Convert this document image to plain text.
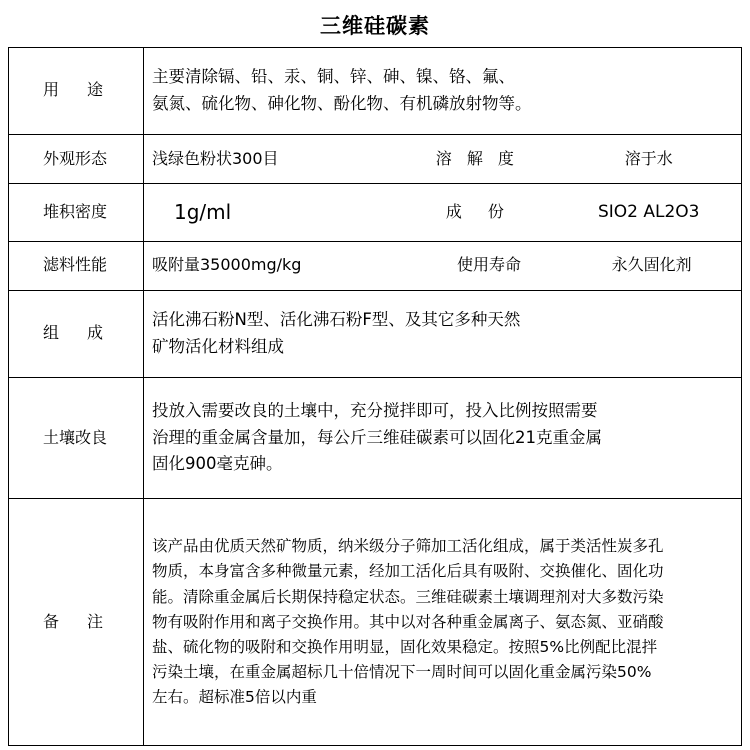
三维硅碳素
用　途	主要清除镉、铅、汞、铜、锌、砷、镍、铬、氟、
氨氮、硫化物、砷化物、酚化物、有机磷放射物等。

外观形态	浅绿色粉状300目 溶 解 度 溶于水

堆积密度	1g/ml 成　份 SIO2 AL2O3

滤料性能	吸附量35000mg/kg 使用寿命 永久固化剂

组　成	活化沸石粉N型、活化沸石粉F型、及其它多种天然
矿物活化材料组成

土壤改良	投放入需要改良的土壤中，充分搅拌即可，投入比例按照需要
治理的重金属含量加，每公斤三维硅碳素可以固化21克重金属
固化900毫克砷。

备　注	
该产品由优质天然矿物质，纳米级分子筛加工活化组成，属于类活性炭多孔
物质，本身富含多种微量元素，经加工活化后具有吸附、交换催化、固化功
能。清除重金属后长期保持稳定状态。三维硅碳素土壤调理剂对大多数污染
物有吸附作用和离子交换作用。其中以对各种重金属离子、氨态氮、亚硝酸
盐、硫化物的吸附和交换作用明显，固化效果稳定。按照5%比例配比混拌
污染土壤，在重金属超标几十倍情况下一周时间可以固化重金属污染50%
左右。超标准5倍以内重
